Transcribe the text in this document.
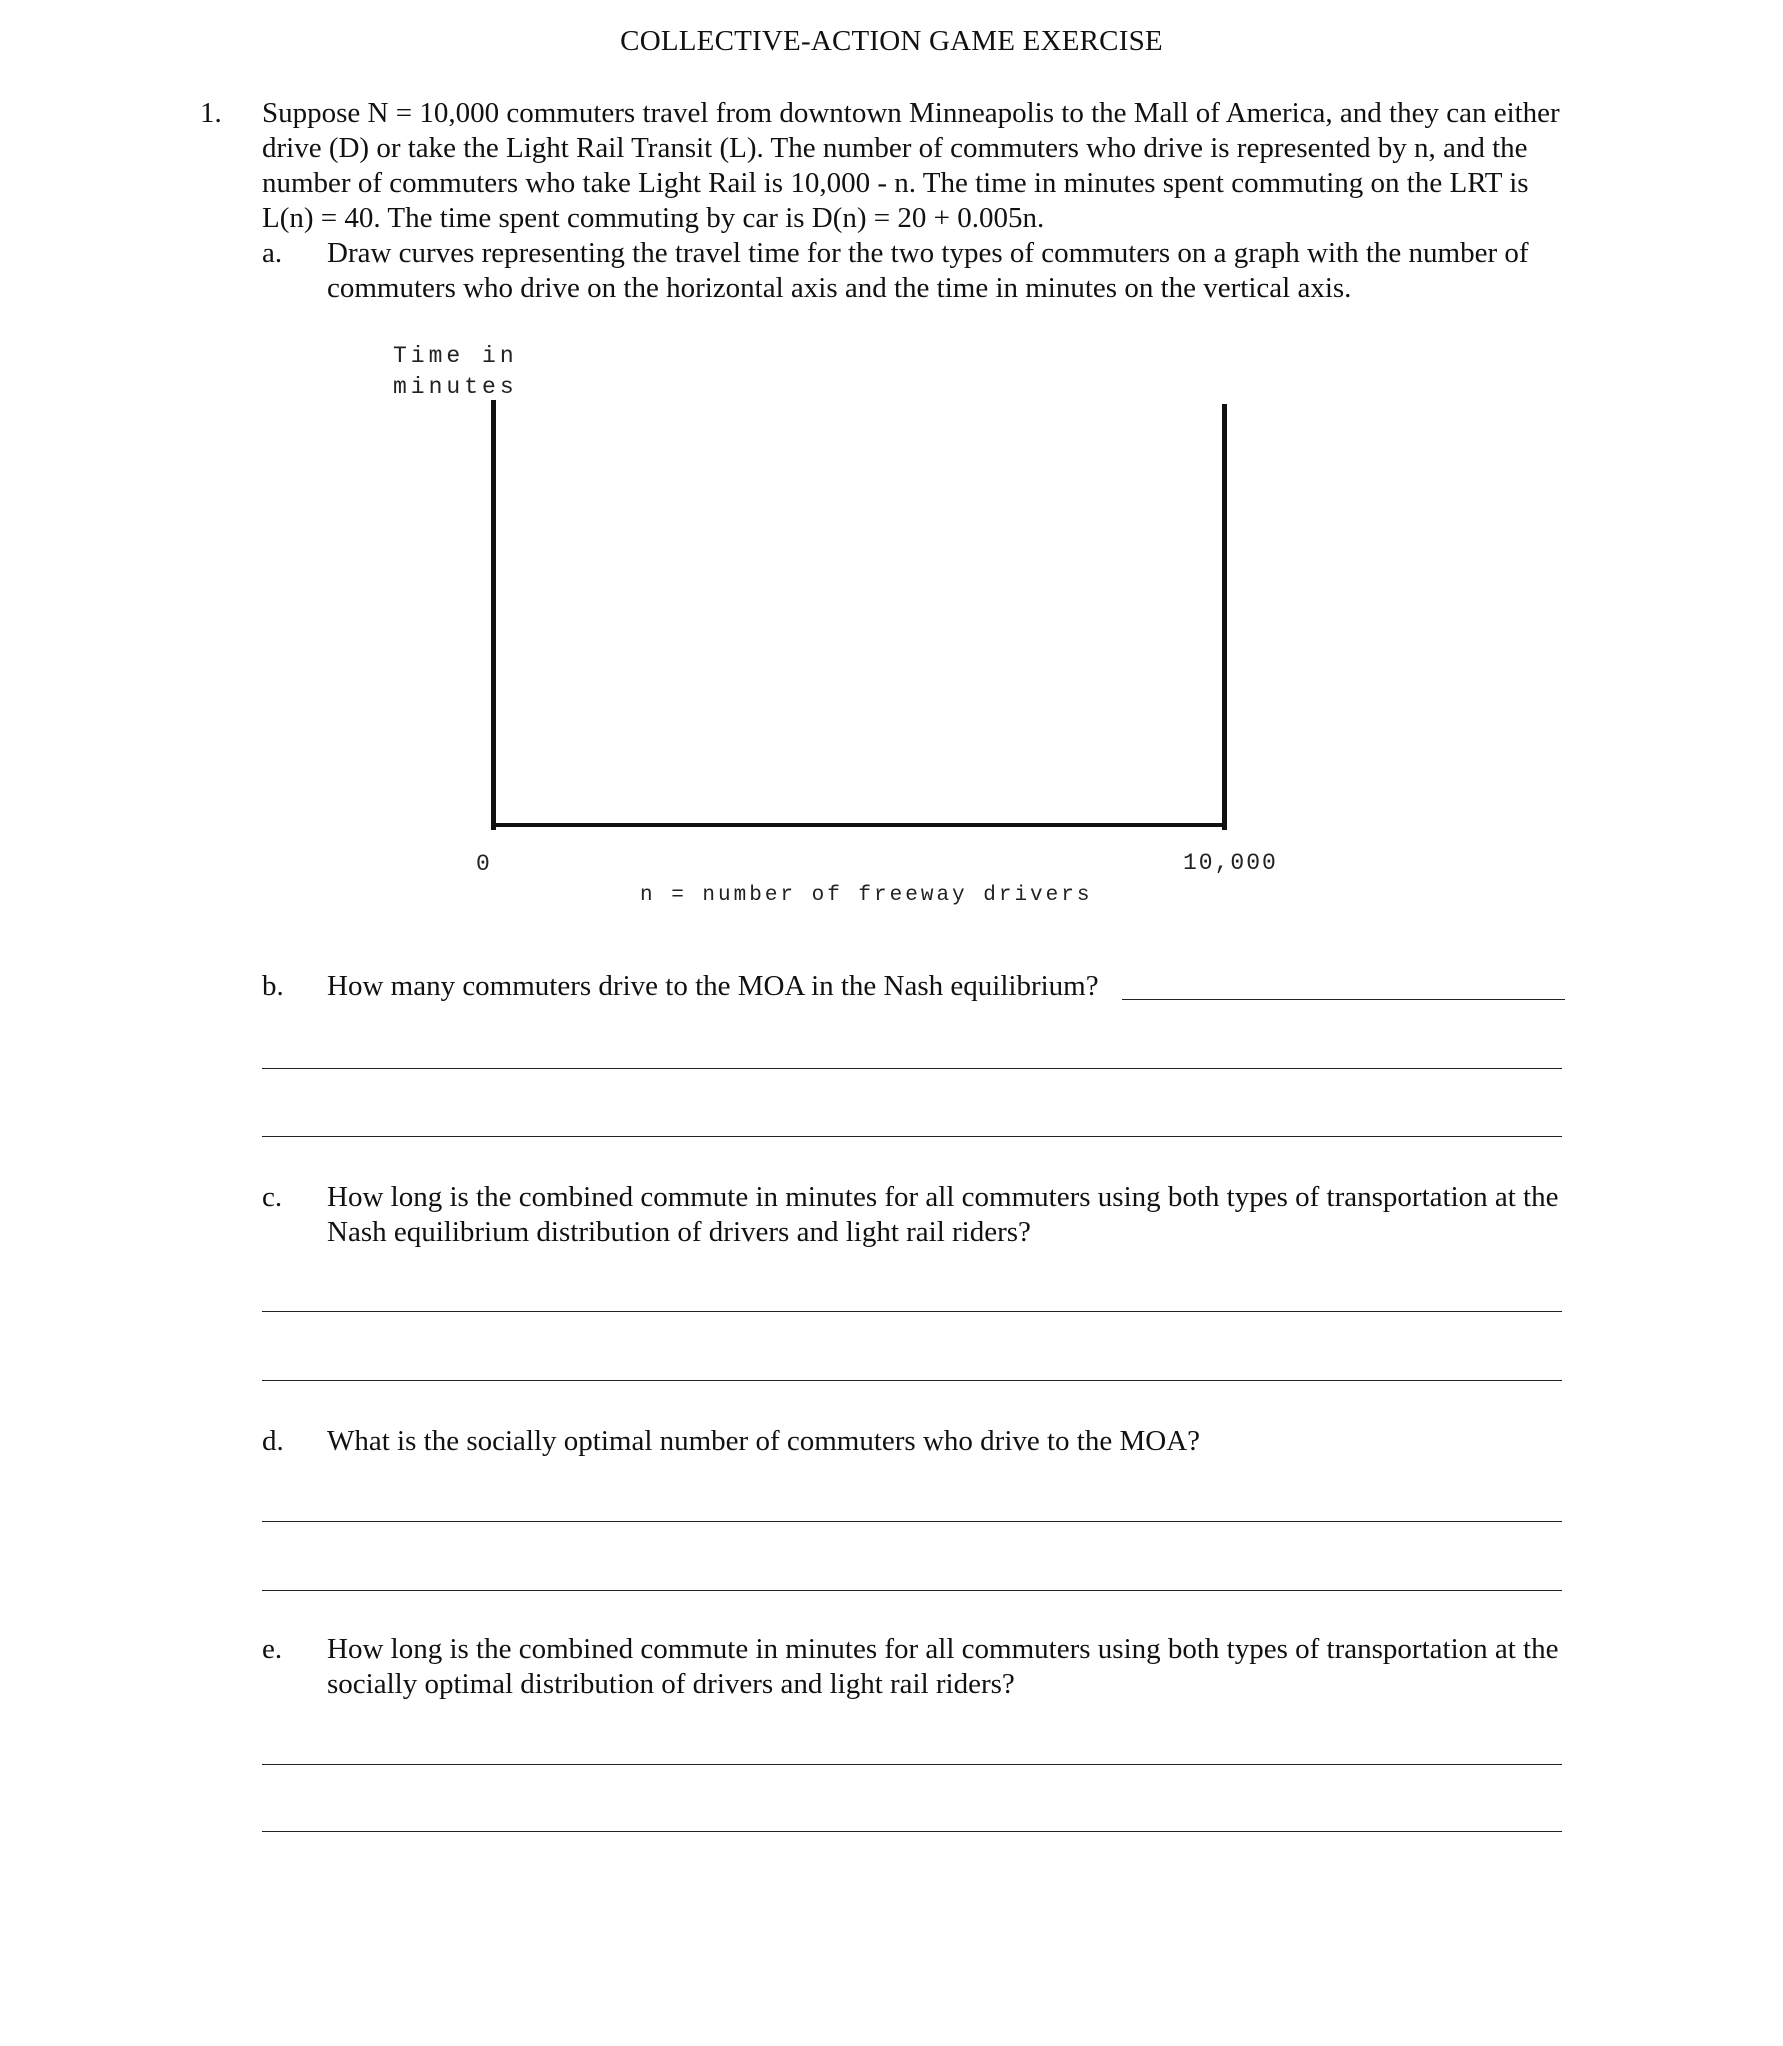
COLLECTIVE-ACTION GAME EXERCISE
1. Suppose N = 10,000 commuters travel from downtown Minneapolis to the Mall of America, and they can either
drive (D) or take the Light Rail Transit (L). The number of commuters who drive is represented by n, and the
number of commuters who take Light Rail is 10,000 - n. The time in minutes spent commuting on the LRT is
L(n) = 40. The time spent commuting by car is D(n) = 20 + 0.005n.
a. Draw curves representing the travel time for the two types of commuters on a graph with the number of
commuters who drive on the horizontal axis and the time in minutes on the vertical axis.
Time in
minutes
0	10,000
n = number of freeway drivers
b. How many commuters drive to the MOA in the Nash equilibrium?
c. How long is the combined commute in minutes for all commuters using both types of transportation at the
Nash equilibrium distribution of drivers and light rail riders?
d. What is the socially optimal number of commuters who drive to the MOA?
e. How long is the combined commute in minutes for all commuters using both types of transportation at the
socially optimal distribution of drivers and light rail riders?
